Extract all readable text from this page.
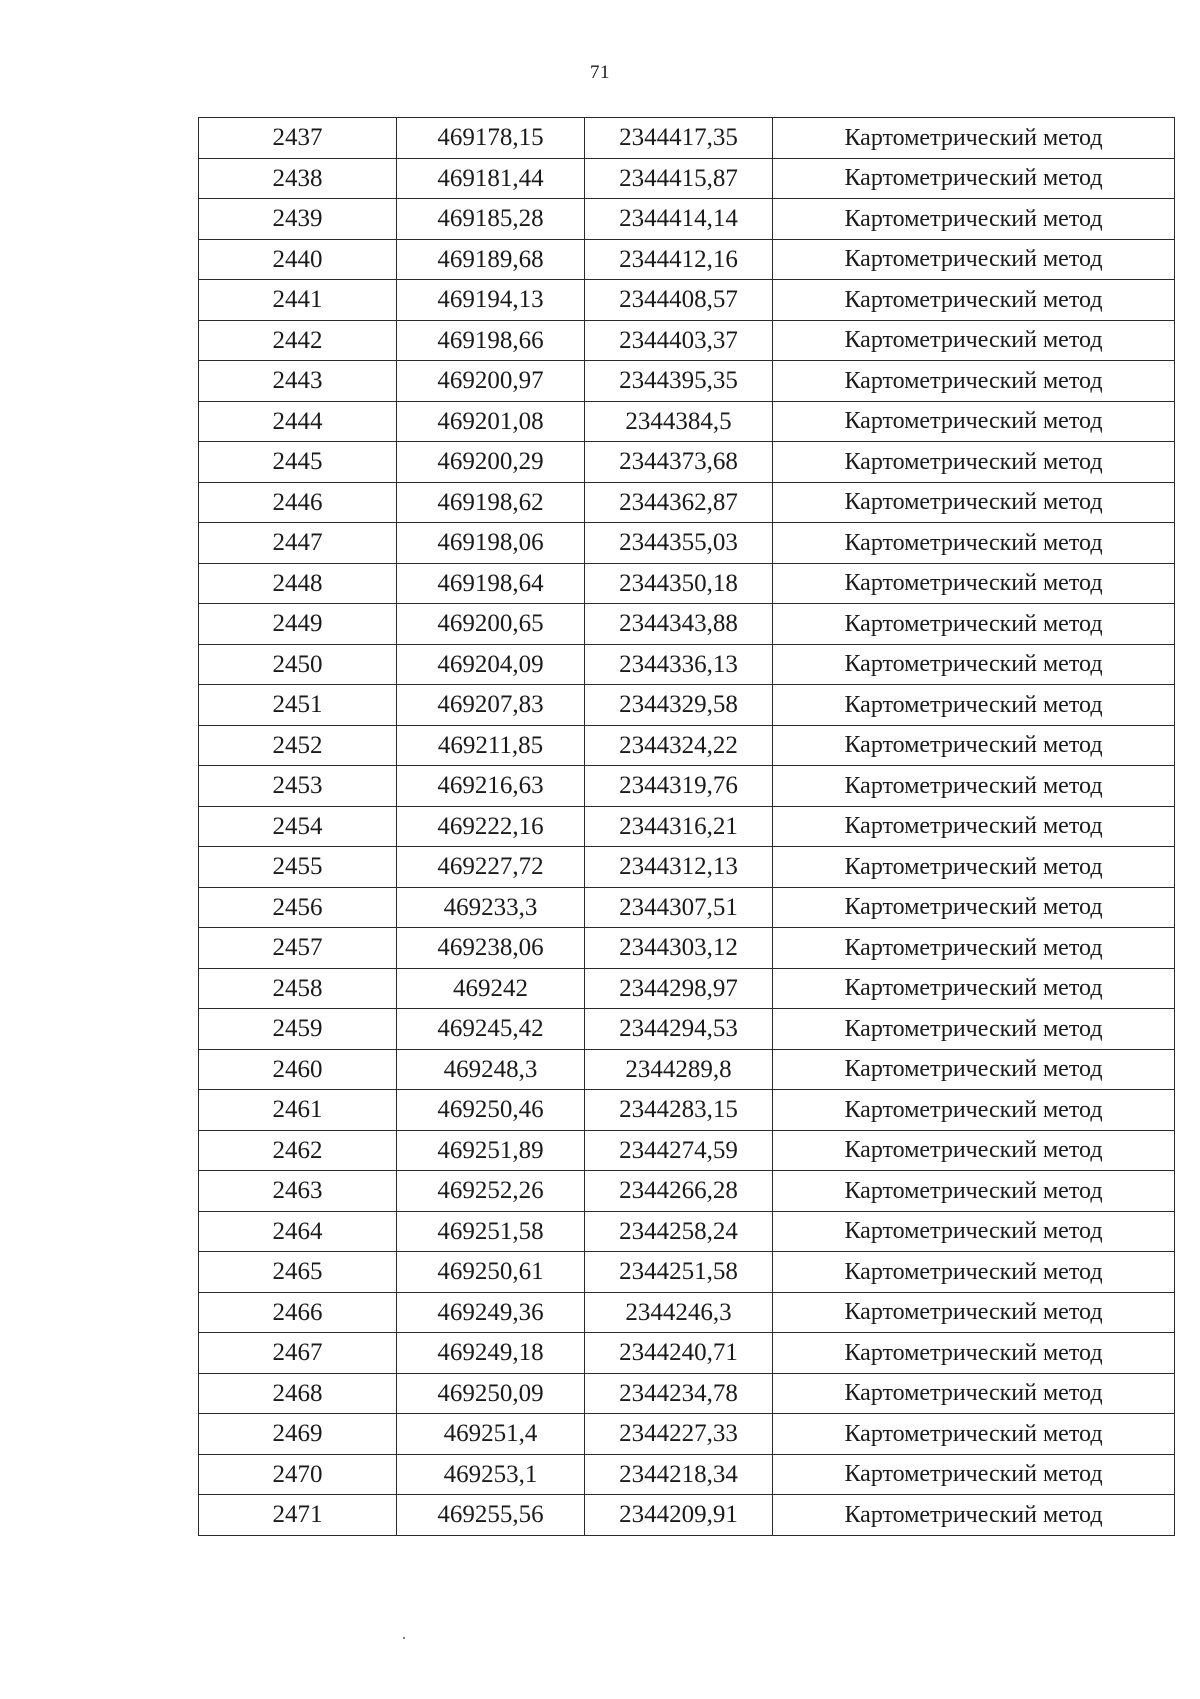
71
2437	469178,15	2344417,35	Картометрический метод
2438	469181,44	2344415,87	Картометрический метод
2439	469185,28	2344414,14	Картометрический метод
2440	469189,68	2344412,16	Картометрический метод
2441	469194,13	2344408,57	Картометрический метод
2442	469198,66	2344403,37	Картометрический метод
2443	469200,97	2344395,35	Картометрический метод
2444	469201,08	2344384,5	Картометрический метод
2445	469200,29	2344373,68	Картометрический метод
2446	469198,62	2344362,87	Картометрический метод
2447	469198,06	2344355,03	Картометрический метод
2448	469198,64	2344350,18	Картометрический метод
2449	469200,65	2344343,88	Картометрический метод
2450	469204,09	2344336,13	Картометрический метод
2451	469207,83	2344329,58	Картометрический метод
2452	469211,85	2344324,22	Картометрический метод
2453	469216,63	2344319,76	Картометрический метод
2454	469222,16	2344316,21	Картометрический метод
2455	469227,72	2344312,13	Картометрический метод
2456	469233,3	2344307,51	Картометрический метод
2457	469238,06	2344303,12	Картометрический метод
2458	469242	2344298,97	Картометрический метод
2459	469245,42	2344294,53	Картометрический метод
2460	469248,3	2344289,8	Картометрический метод
2461	469250,46	2344283,15	Картометрический метод
2462	469251,89	2344274,59	Картометрический метод
2463	469252,26	2344266,28	Картометрический метод
2464	469251,58	2344258,24	Картометрический метод
2465	469250,61	2344251,58	Картометрический метод
2466	469249,36	2344246,3	Картометрический метод
2467	469249,18	2344240,71	Картометрический метод
2468	469250,09	2344234,78	Картометрический метод
2469	469251,4	2344227,33	Картометрический метод
2470	469253,1	2344218,34	Картометрический метод
2471	469255,56	2344209,91	Картометрический метод
